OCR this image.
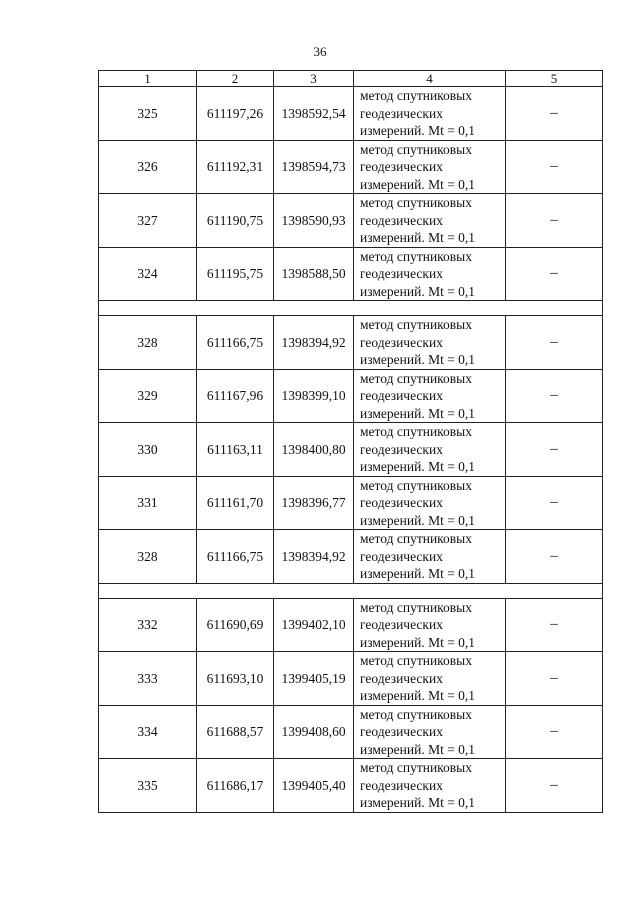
36
1	2	3	4	5
325	611197,26	1398592,54	метод спутниковых
геодезических
измерений. Mt = 0,1	–
326	611192,31	1398594,73	метод спутниковых
геодезических
измерений. Mt = 0,1	–
327	611190,75	1398590,93	метод спутниковых
геодезических
измерений. Mt = 0,1	–
324	611195,75	1398588,50	метод спутниковых
геодезических
измерений. Mt = 0,1	–

328	611166,75	1398394,92	метод спутниковых
геодезических
измерений. Mt = 0,1	–
329	611167,96	1398399,10	метод спутниковых
геодезических
измерений. Mt = 0,1	–
330	611163,11	1398400,80	метод спутниковых
геодезических
измерений. Mt = 0,1	–
331	611161,70	1398396,77	метод спутниковых
геодезических
измерений. Mt = 0,1	–
328	611166,75	1398394,92	метод спутниковых
геодезических
измерений. Mt = 0,1	–

332	611690,69	1399402,10	метод спутниковых
геодезических
измерений. Mt = 0,1	–
333	611693,10	1399405,19	метод спутниковых
геодезических
измерений. Mt = 0,1	–
334	611688,57	1399408,60	метод спутниковых
геодезических
измерений. Mt = 0,1	–
335	611686,17	1399405,40	метод спутниковых
геодезических
измерений. Mt = 0,1	–
